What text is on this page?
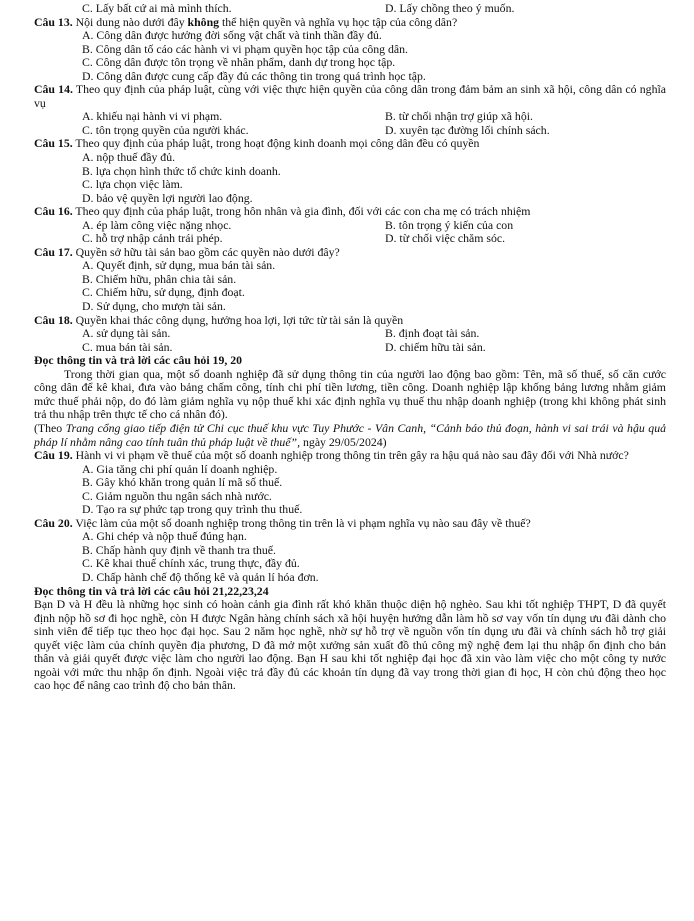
C. Lấy bất cứ ai mà mình thích.	D. Lấy chồng theo ý muốn.
Câu 13. Nội dung nào dưới đây không thể hiện quyền và nghĩa vụ học tập của công dân?
A. Công dân được hưởng đời sống vật chất và tinh thần đầy đủ.
B. Công dân tố cáo các hành vi vi phạm quyền học tập của công dân.
C. Công dân được tôn trọng về nhân phẩm, danh dự trong học tập.
D. Công dân được cung cấp đầy đủ các thông tin trong quá trình học tập.
Câu 14. Theo quy định của pháp luật, cùng với việc thực hiện quyền của công dân trong đảm bảm an sinh xã hội, công dân có nghĩa vụ
A. khiếu nại hành vi vi phạm.	B. từ chối nhận trợ giúp xã hội.
C. tôn trọng quyền của người khác.	D. xuyên tạc đường lối chính sách.
Câu 15. Theo quy định của pháp luật, trong hoạt động kinh doanh mọi công dân đều có quyền
A. nộp thuế đầy đủ.
B. lựa chọn hình thức tổ chức kinh doanh.
C. lựa chọn việc làm.
D. bảo vệ quyền lợi người lao động.
Câu 16. Theo quy định của pháp luật, trong hôn nhân và gia đình, đối với các con cha mẹ có trách nhiệm
A. ép làm công việc nặng nhọc.	B. tôn trọng ý kiến của con
C. hỗ trợ nhập cảnh trái phép.	D. từ chối việc chăm sóc.
Câu 17. Quyền sở hữu tài sản bao gồm các quyền nào dưới đây?
A. Quyết định, sử dụng, mua bán tài sản.
B. Chiếm hữu, phân chia tài sản.
C. Chiếm hữu, sử dụng, định đoạt.
D. Sử dụng, cho mượn tài sản.
Câu 18. Quyền khai thác công dụng, hưởng hoa lợi, lợi tức từ tài sản là quyền
A. sử dụng tài sản.	B. định đoạt tài sản.
C. mua bán tài sản.	D. chiếm hữu tài sản.
Đọc thông tin và trả lời các câu hỏi 19, 20
Trong thời gian qua, một số doanh nghiệp đã sử dụng thông tin của người lao động bao gồm: Tên, mã số thuế, số căn cước công dân để kê khai, đưa vào bảng chấm công, tính chi phí tiền lương, tiền công. Doanh nghiệp lập khống bảng lương nhằm giảm mức thuế phải nộp, do đó làm giảm nghĩa vụ nộp thuế khi xác định nghĩa vụ thuế thu nhập doanh nghiệp (trong khi không phát sinh trả thu nhập trên thực tế cho cá nhân đó).
(Theo Trang cổng giao tiếp điện tử Chi cục thuế khu vực Tuy Phước - Vân Canh, “Cảnh báo thủ đoạn, hành vi sai trái và hậu quả pháp lí nhằm nâng cao tính tuân thủ pháp luật về thuế”, ngày 29/05/2024)
Câu 19. Hành vi vi phạm về thuế của một số doanh nghiệp trong thông tin trên gây ra hậu quả nào sau đây đối với Nhà nước?
A. Gia tăng chi phí quản lí doanh nghiệp.
B. Gây khó khăn trong quản lí mã số thuế.
C. Giảm nguồn thu ngân sách nhà nước.
D. Tạo ra sự phức tạp trong quy trình thu thuế.
Câu 20. Việc làm của một số doanh nghiệp trong thông tin trên là vi phạm nghĩa vụ nào sau đây về thuế?
A. Ghi chép và nộp thuế đúng hạn.
B. Chấp hành quy định về thanh tra thuế.
C. Kê khai thuế chính xác, trung thực, đầy đủ.
D. Chấp hành chế độ thống kê và quản lí hóa đơn.
Đọc thông tin và trả lời các câu hỏi 21,22,23,24
Bạn D và H đều là những học sinh có hoàn cảnh gia đình rất khó khăn thuộc diện hộ nghèo. Sau khi tốt nghiệp THPT, D đã quyết định nộp hồ sơ đi học nghề, còn H được Ngân hàng chính sách xã hội huyện hướng dẫn làm hồ sơ vay vốn tín dụng ưu đãi dành cho sinh viên để tiếp tục theo học đại học. Sau 2 năm học nghề, nhờ sự hỗ trợ về nguồn vốn tín dụng ưu đãi và chính sách hỗ trợ giải quyết việc làm của chính quyền địa phương, D đã mở một xưởng sản xuất đồ thủ công mỹ nghệ đem lại thu nhập ổn định cho bản thân và giải quyết được việc làm cho người lao động. Bạn H sau khi tốt nghiệp đại học đã xin vào làm việc cho một công ty nước ngoài với mức thu nhập ổn định. Ngoài việc trả đầy đủ các khoản tín dụng đã vay trong thời gian đi học, H còn chủ động theo học cao học để nâng cao trình độ cho bản thân.
